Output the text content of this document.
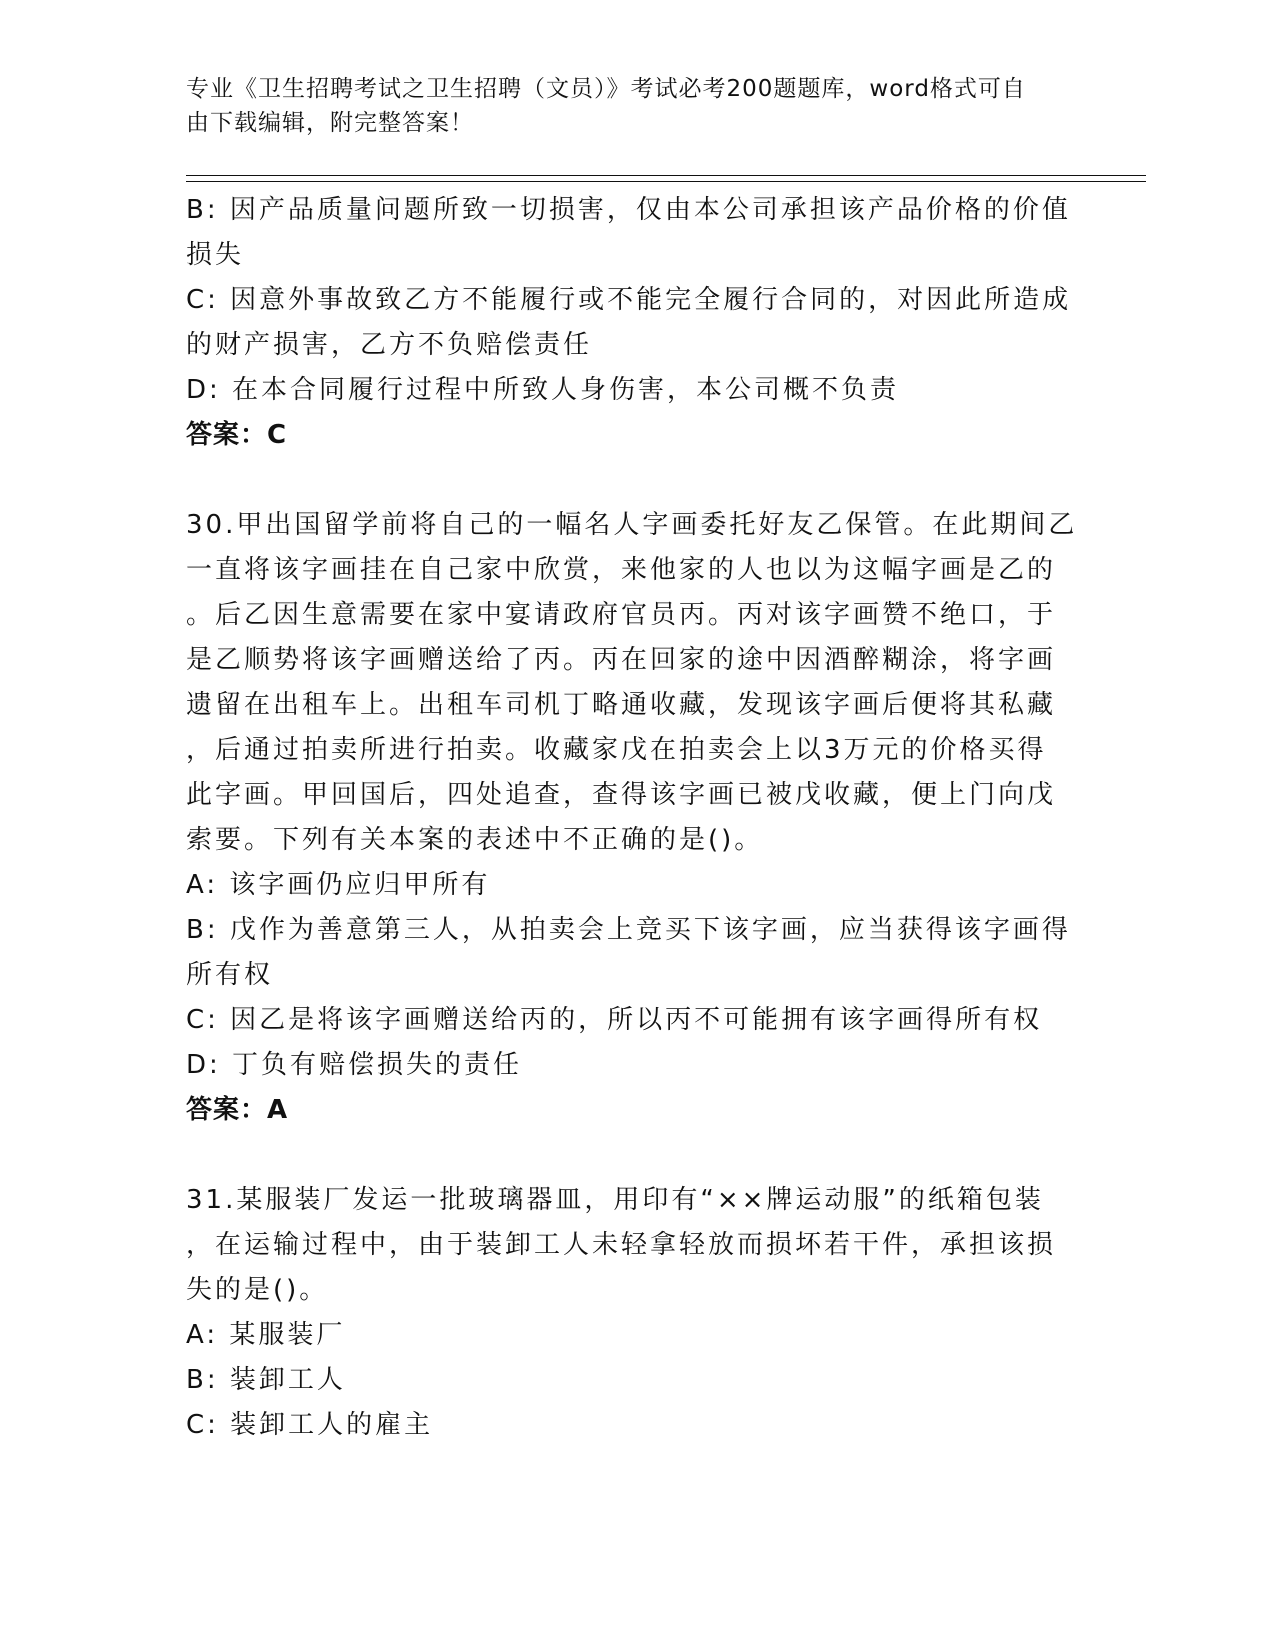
专业《卫生招聘考试之卫生招聘（文员）》考试必考200题题库，word格式可自
由下载编辑，附完整答案！
B: 因产品质量问题所致一切损害，仅由本公司承担该产品价格的价值
损失
C: 因意外事故致乙方不能履行或不能完全履行合同的，对因此所造成
的财产损害，乙方不负赔偿责任
D: 在本合同履行过程中所致人身伤害，本公司概不负责
答案：C
30.甲出国留学前将自己的一幅名人字画委托好友乙保管。在此期间乙
一直将该字画挂在自己家中欣赏，来他家的人也以为这幅字画是乙的
。后乙因生意需要在家中宴请政府官员丙。丙对该字画赞不绝口，于
是乙顺势将该字画赠送给了丙。丙在回家的途中因酒醉糊涂，将字画
遗留在出租车上。出租车司机丁略通收藏，发现该字画后便将其私藏
，后通过拍卖所进行拍卖。收藏家戊在拍卖会上以3万元的价格买得
此字画。甲回国后，四处追查，查得该字画已被戊收藏，便上门向戊
索要。下列有关本案的表述中不正确的是()。
A: 该字画仍应归甲所有
B: 戊作为善意第三人，从拍卖会上竞买下该字画，应当获得该字画得
所有权
C: 因乙是将该字画赠送给丙的，所以丙不可能拥有该字画得所有权
D: 丁负有赔偿损失的责任
答案：A
31.某服装厂发运一批玻璃器皿，用印有“××牌运动服”的纸箱包装
，在运输过程中，由于装卸工人未轻拿轻放而损坏若干件，承担该损
失的是()。
A: 某服装厂
B: 装卸工人
C: 装卸工人的雇主
